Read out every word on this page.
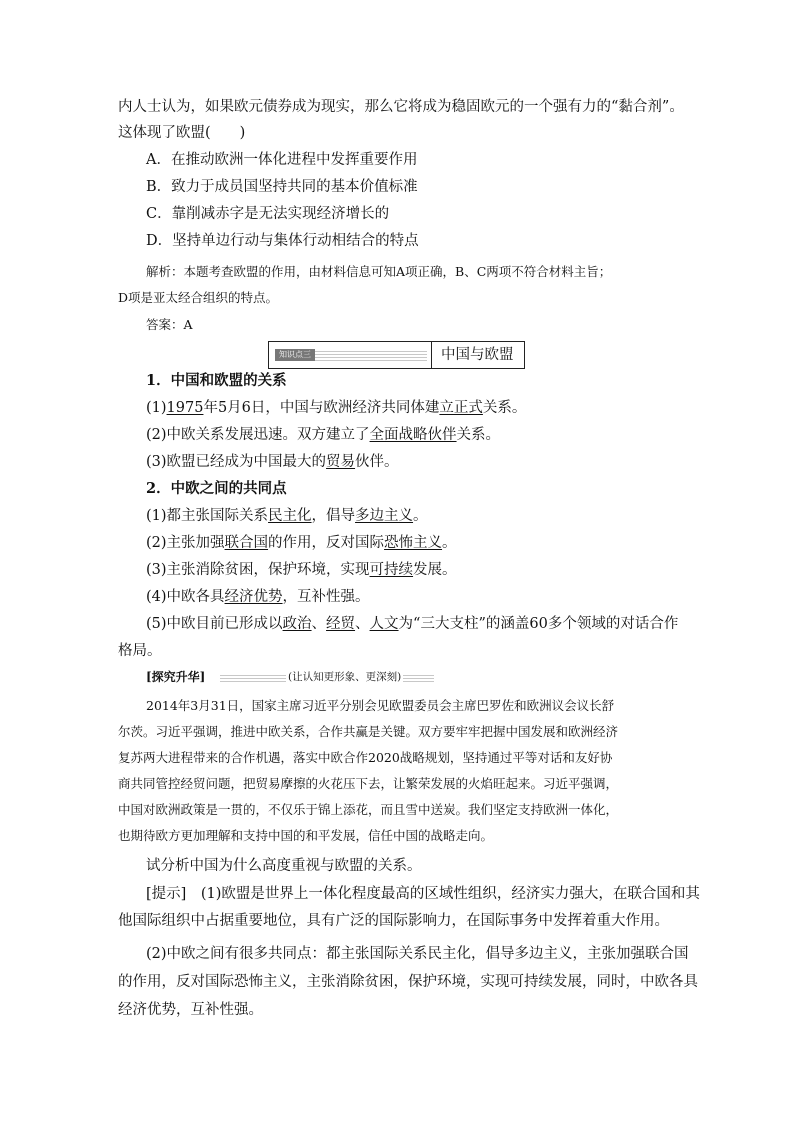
内人士认为，如果欧元债券成为现实，那么它将成为稳固欧元的一个强有力的“黏合剂”。
这体现了欧盟(　　)
A．在推动欧洲一体化进程中发挥重要作用
B．致力于成员国坚持共同的基本价值标准
C．靠削减赤字是无法实现经济增长的
D．坚持单边行动与集体行动相结合的特点
解析：本题考查欧盟的作用，由材料信息可知A项正确，B、C两项不符合材料主旨；
D项是亚太经合组织的特点。
答案：A
知识点三	中国与欧盟
1．中国和欧盟的关系
(1)1975年5月6日，中国与欧洲经济共同体建立正式关系。
(2)中欧关系发展迅速。双方建立了全面战略伙伴关系。
(3)欧盟已经成为中国最大的贸易伙伴。
2．中欧之间的共同点
(1)都主张国际关系民主化，倡导多边主义。
(2)主张加强联合国的作用，反对国际恐怖主义。
(3)主张消除贫困，保护环境，实现可持续发展。
(4)中欧各具经济优势，互补性强。
(5)中欧目前已形成以政治、经贸、人文为“三大支柱”的涵盖60多个领域的对话合作
格局。
[探究升华]	(让认知更形象、更深刻)
2014年3月31日，国家主席习近平分别会见欧盟委员会主席巴罗佐和欧洲议会议长舒
尔茨。习近平强调，推进中欧关系，合作共赢是关键。双方要牢牢把握中国发展和欧洲经济
复苏两大进程带来的合作机遇，落实中欧合作2020战略规划，坚持通过平等对话和友好协
商共同管控经贸问题，把贸易摩擦的火花压下去，让繁荣发展的火焰旺起来。习近平强调，
中国对欧洲政策是一贯的，不仅乐于锦上添花，而且雪中送炭。我们坚定支持欧洲一体化，
也期待欧方更加理解和支持中国的和平发展，信任中国的战略走向。
试分析中国为什么高度重视与欧盟的关系。
[提示]　(1)欧盟是世界上一体化程度最高的区域性组织，经济实力强大，在联合国和其
他国际组织中占据重要地位，具有广泛的国际影响力，在国际事务中发挥着重大作用。
(2)中欧之间有很多共同点：都主张国际关系民主化，倡导多边主义，主张加强联合国
的作用，反对国际恐怖主义，主张消除贫困，保护环境，实现可持续发展，同时，中欧各具
经济优势，互补性强。
